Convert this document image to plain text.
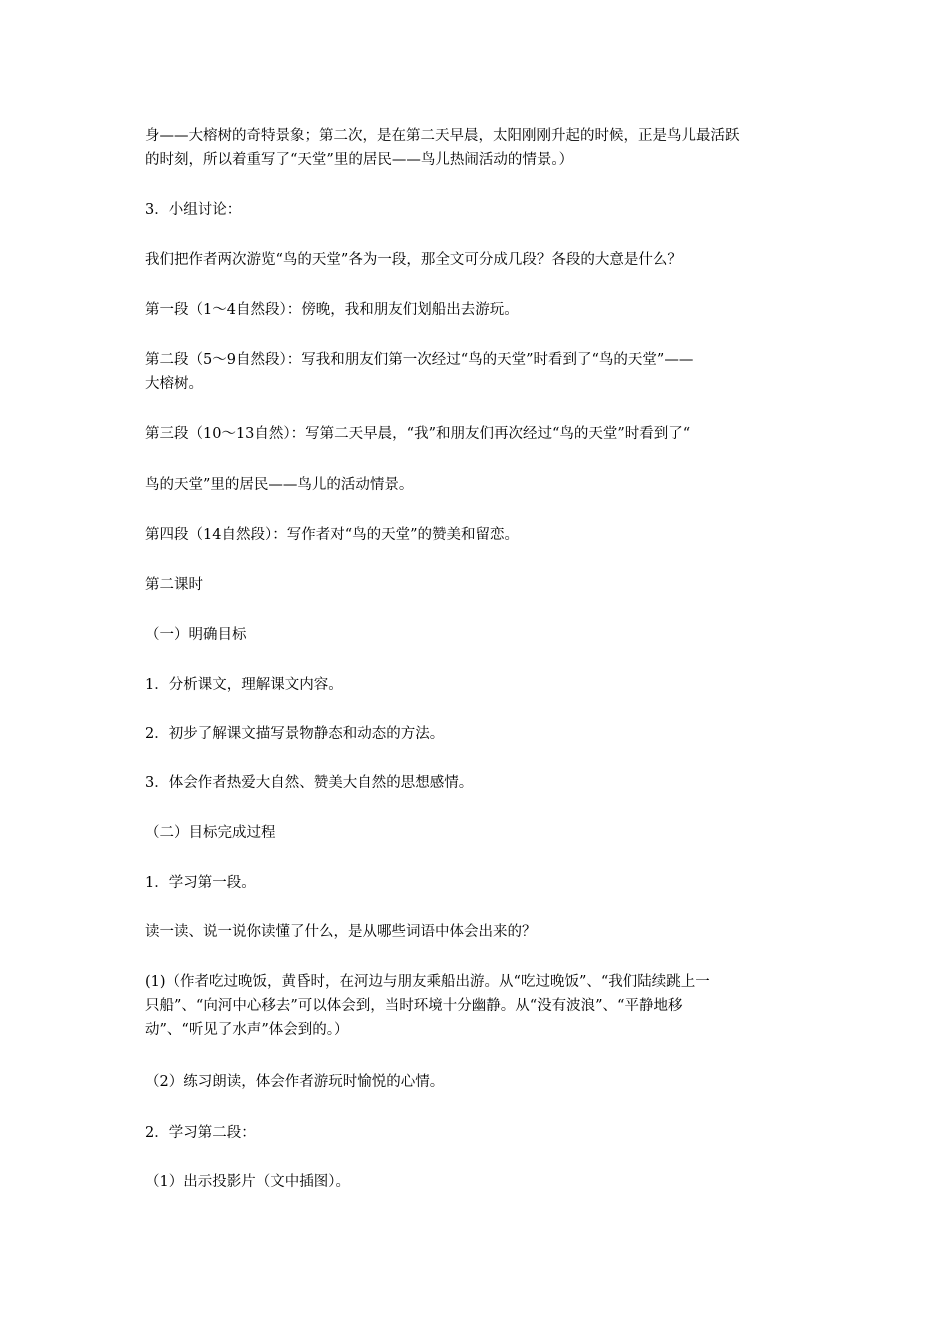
身——大榕树的奇特景象；第二次，是在第二天早晨，太阳刚刚升起的时候，正是鸟儿最活跃
的时刻，所以着重写了“天堂”里的居民——鸟儿热闹活动的情景。）

3．小组讨论：

我们把作者两次游览“鸟的天堂”各为一段，那全文可分成几段？各段的大意是什么？

第一段（1～4自然段）：傍晚，我和朋友们划船出去游玩。

第二段（5～9自然段）：写我和朋友们第一次经过“鸟的天堂”时看到了“鸟的天堂”——
大榕树。

第三段（10～13自然）：写第二天早晨，“我”和朋友们再次经过“鸟的天堂”时看到了“

鸟的天堂”里的居民——鸟儿的活动情景。

第四段（14自然段）：写作者对“鸟的天堂”的赞美和留恋。

第二课时

（一）明确目标

1．分析课文，理解课文内容。

2．初步了解课文描写景物静态和动态的方法。

3．体会作者热爱大自然、赞美大自然的思想感情。

（二）目标完成过程

1．学习第一段。

读一读、说一说你读懂了什么，是从哪些词语中体会出来的？

(1)（作者吃过晚饭，黄昏时，在河边与朋友乘船出游。从“吃过晚饭”、“我们陆续跳上一
只船”、“向河中心移去”可以体会到，当时环境十分幽静。从“没有波浪”、“平静地移
动”、“听见了水声”体会到的。）

（2）练习朗读，体会作者游玩时愉悦的心情。

2．学习第二段：

（1）出示投影片（文中插图）。
